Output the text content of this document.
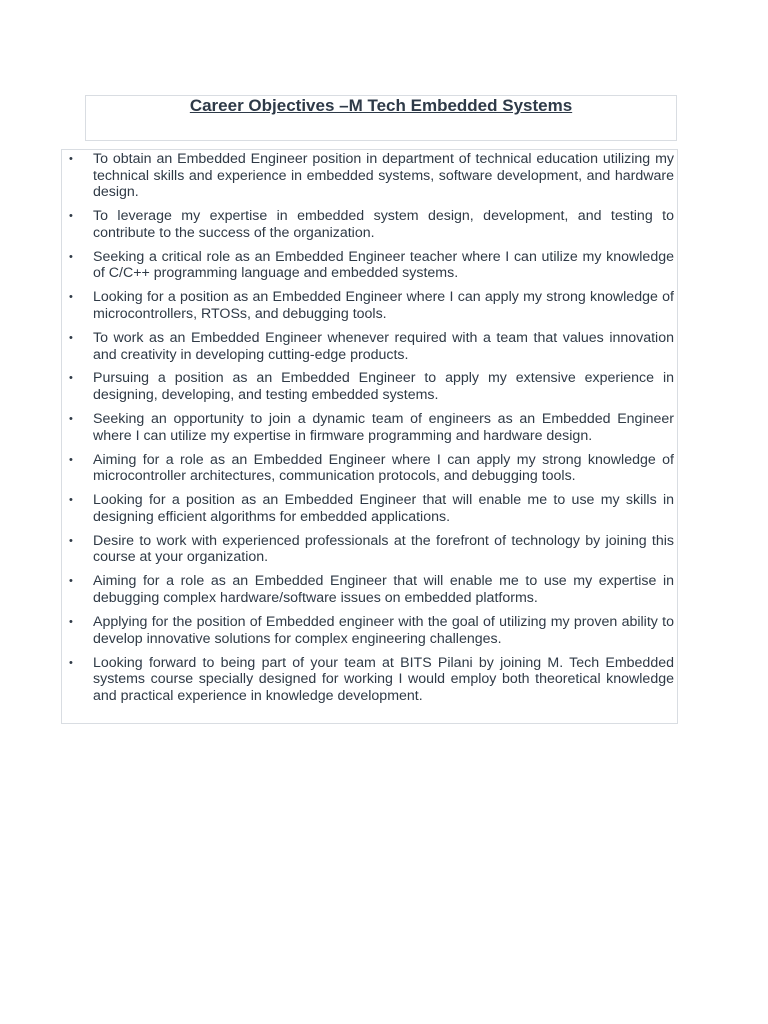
Career Objectives –M Tech Embedded Systems
• To obtain an Embedded Engineer position in department of technical education utilizing my technical skills and experience in embedded systems, software development, and hardware design.
• To leverage my expertise in embedded system design, development, and testing to contribute to the success of the organization.
• Seeking a critical role as an Embedded Engineer teacher where I can utilize my knowledge of C/C++ programming language and embedded systems.
• Looking for a position as an Embedded Engineer where I can apply my strong knowledge of microcontrollers, RTOSs, and debugging tools.
• To work as an Embedded Engineer whenever required with a team that values innovation and creativity in developing cutting-edge products.
• Pursuing a position as an Embedded Engineer to apply my extensive experience in designing, developing, and testing embedded systems.
• Seeking an opportunity to join a dynamic team of engineers as an Embedded Engineer where I can utilize my expertise in firmware programming and hardware design.
• Aiming for a role as an Embedded Engineer where I can apply my strong knowledge of microcontroller architectures, communication protocols, and debugging tools.
• Looking for a position as an Embedded Engineer that will enable me to use my skills in designing efficient algorithms for embedded applications.
• Desire to work with experienced professionals at the forefront of technology by joining this course at your organization.
• Aiming for a role as an Embedded Engineer that will enable me to use my expertise in debugging complex hardware/software issues on embedded platforms.
• Applying for the position of Embedded engineer with the goal of utilizing my proven ability to develop innovative solutions for complex engineering challenges.
• Looking forward to being part of your team at BITS Pilani by joining M. Tech Embedded systems course specially designed for working I would employ both theoretical knowledge and practical experience in knowledge development.
